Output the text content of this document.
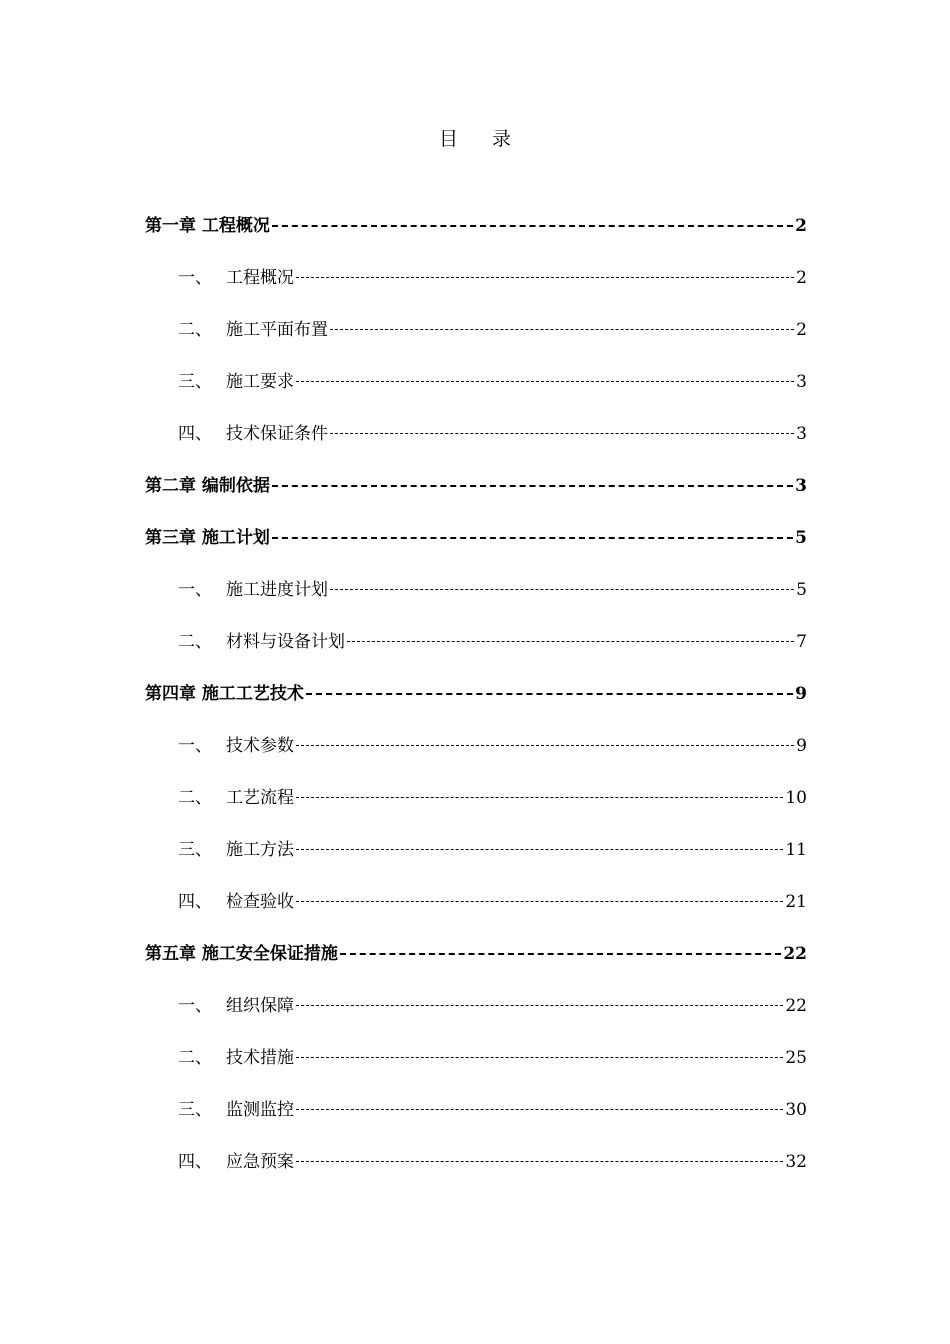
目 录
第一章 工程概况	2
一、 工程概况	2
二、 施工平面布置	2
三、 施工要求	3
四、 技术保证条件	3
第二章 编制依据	3
第三章 施工计划	5
一、 施工进度计划	5
二、 材料与设备计划	7
第四章 施工工艺技术	9
一、 技术参数	9
二、 工艺流程	10
三、 施工方法	11
四、 检查验收	21
第五章 施工安全保证措施	22
一、 组织保障	22
二、 技术措施	25
三、 监测监控	30
四、 应急预案	32
